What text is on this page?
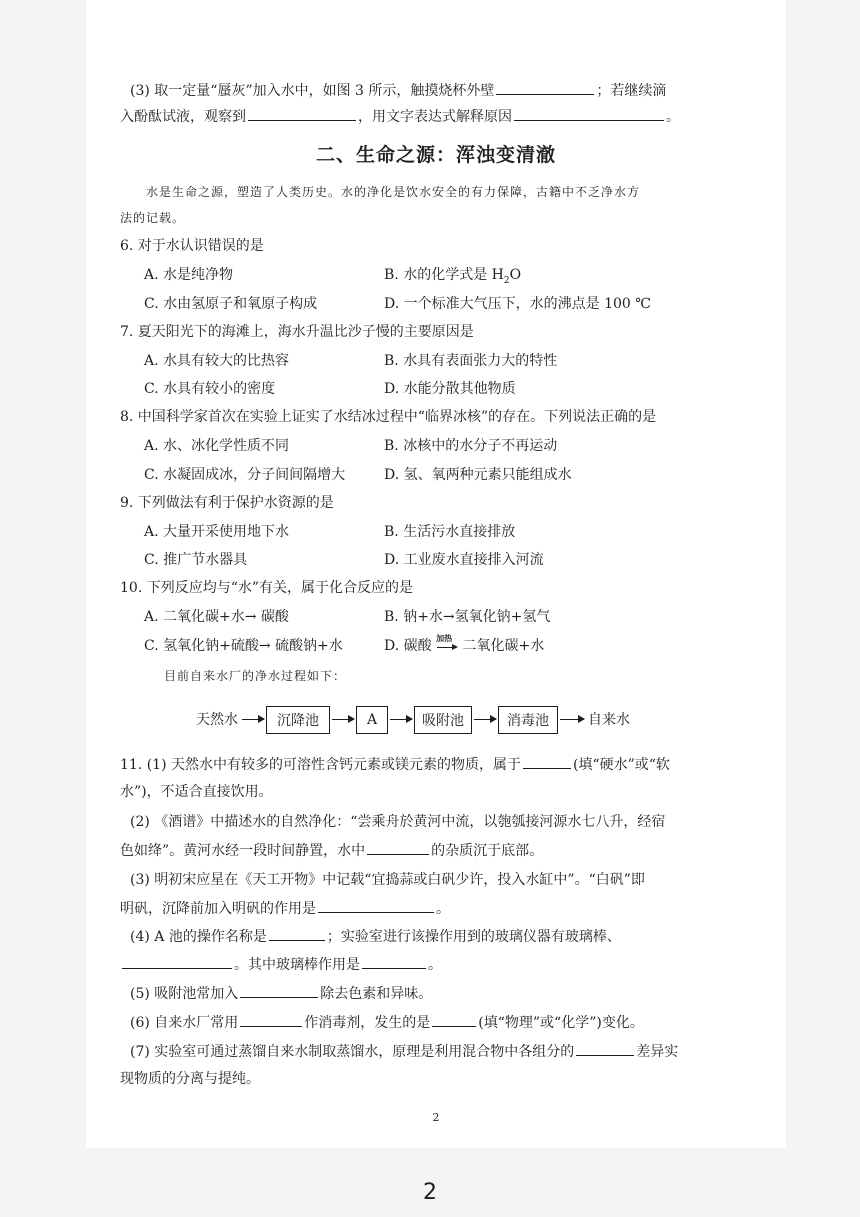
(3) 取一定量“蜃灰”加入水中，如图 3 所示，触摸烧杯外壁	；若继续滴
入酚酞试液，观察到	，用文字表达式解释原因	。
二、生命之源：浑浊变清澈
水是生命之源，塑造了人类历史。水的净化是饮水安全的有力保障，古籍中不乏净水方
法的记载。
6. 对于水认识错误的是
A. 水是纯净物	B. 水的化学式是 $H_2O$
C. 水由氢原子和氧原子构成	D. 一个标准大气压下，水的沸点是 100 ℃
7. 夏天阳光下的海滩上，海水升温比沙子慢的主要原因是
A. 水具有较大的比热容	B. 水具有表面张力大的特性
C. 水具有较小的密度	D. 水能分散其他物质
8. 中国科学家首次在实验上证实了水结冰过程中“临界冰核”的存在。下列说法正确的是
A. 水、冰化学性质不同	B. 冰核中的水分子不再运动
C. 水凝固成冰，分子间间隔增大	D. 氢、氧两种元素只能组成水
9. 下列做法有利于保护水资源的是
A. 大量开采使用地下水	B. 生活污水直接排放
C. 推广节水器具	D. 工业废水直接排入河流
10. 下列反应均与“水”有关，属于化合反应的是
A. 二氧化碳+水→ 碳酸	B. 钠+水→氢氧化钠+氢气
C. 氢氧化钠+硫酸→ 硫酸钠+水	D. 碳酸 加热 二氧化碳+水
目前自来水厂的净水过程如下：
天然水	沉降池	A	吸附池	消毒池	自来水
11. (1) 天然水中有较多的可溶性含钙元素或镁元素的物质，属于	(填“硬水”或“软
水”)，不适合直接饮用。
(2) 《酒谱》中描述水的自然净化：“尝乘舟於黄河中流，以匏瓠接河源水七八升，经宿
色如绛”。黄河水经一段时间静置，水中	的杂质沉于底部。
(3) 明初宋应星在《天工开物》中记载“宜捣蒜或白矾少许，投入水缸中”。“白矾”即
明矾，沉降前加入明矾的作用是	。
(4) A 池的操作名称是	；实验室进行该操作用到的玻璃仪器有玻璃棒、
。其中玻璃棒作用是	。
(5) 吸附池常加入	除去色素和异味。
(6) 自来水厂常用	作消毒剂，发生的是	(填“物理”或“化学”)变化。
(7) 实验室可通过蒸馏自来水制取蒸馏水，原理是利用混合物中各组分的	差异实
现物质的分离与提纯。
2
2
